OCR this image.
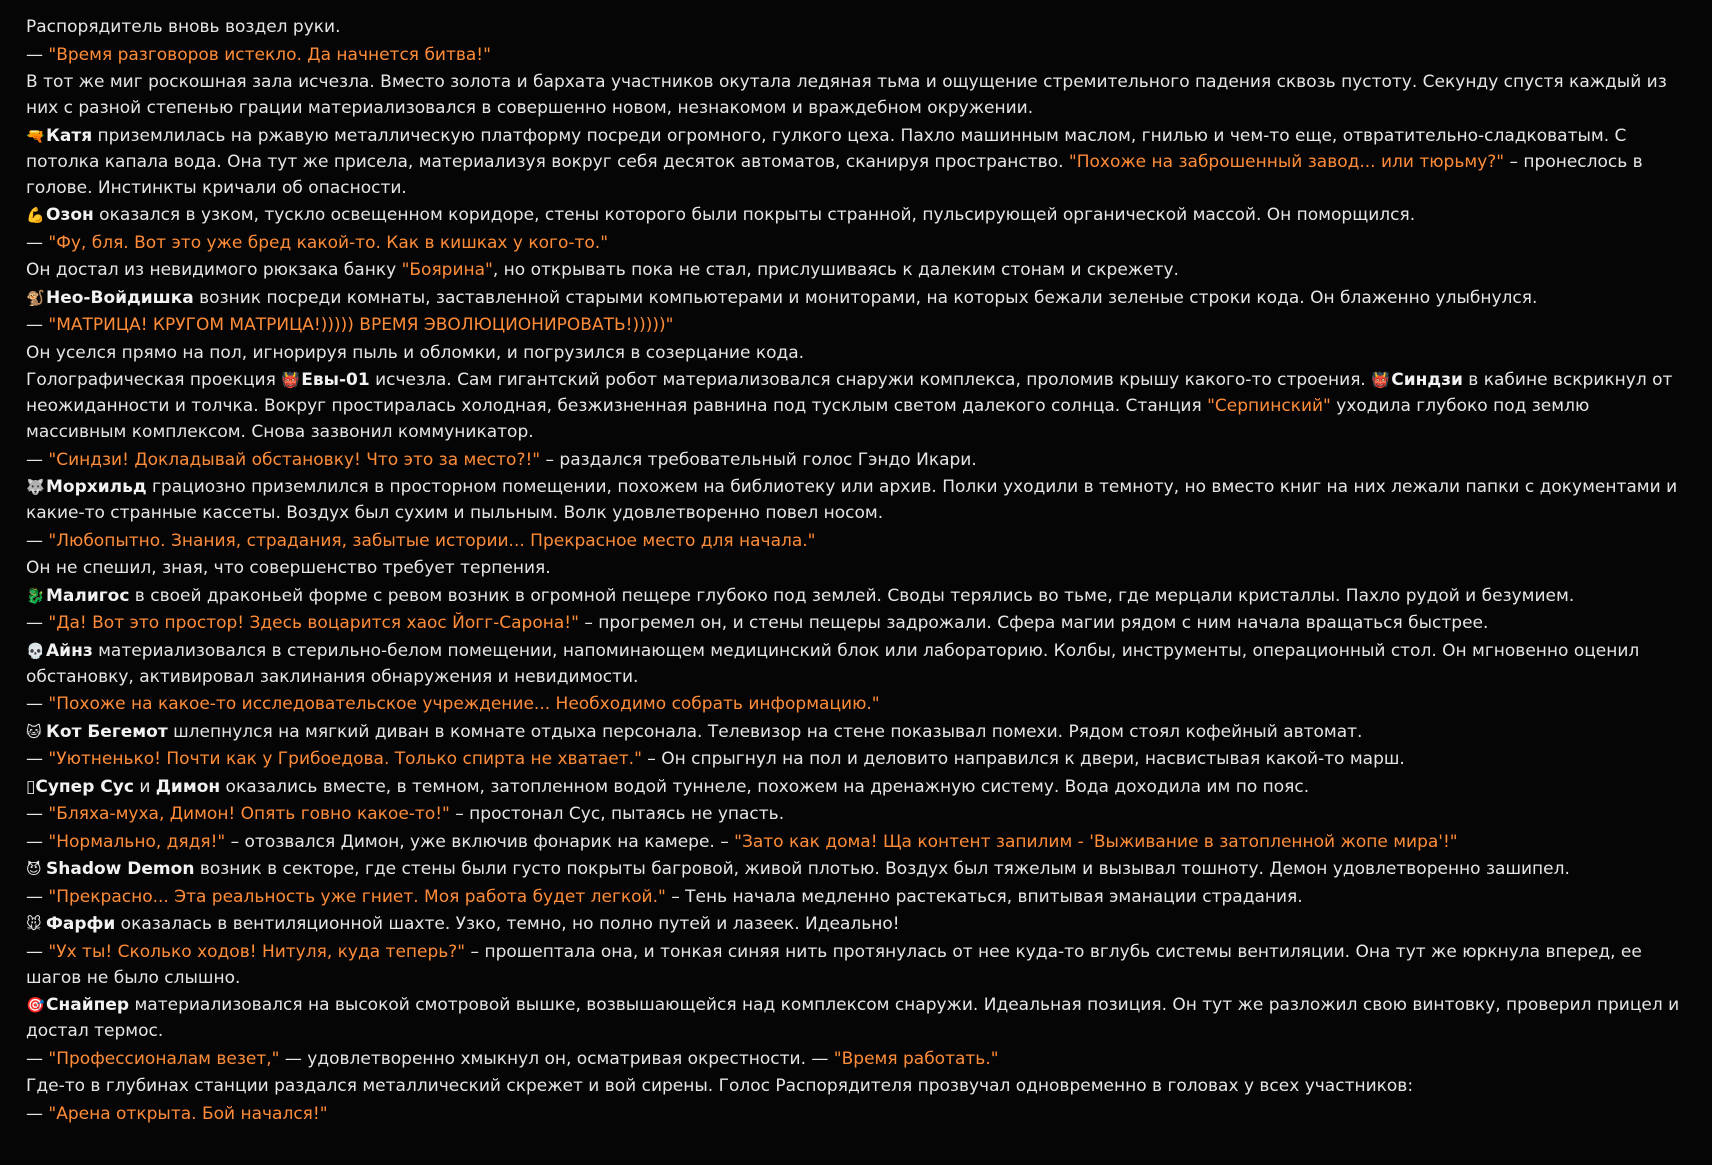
Распорядитель вновь воздел руки.

— "Время разговоров истекло. Да начнется битва!"

В тот же миг роскошная зала исчезла. Вместо золота и бархата участников окутала ледяная тьма и ощущение стремительного падения сквозь пустоту. Секунду спустя каждый из них с разной степенью грации материализовался в совершенно новом, незнакомом и враждебном окружении.

🔫Катя приземлилась на ржавую металлическую платформу посреди огромного, гулкого цеха. Пахло машинным маслом, гнилью и чем-то еще, отвратительно-сладковатым. С потолка капала вода. Она тут же присела, материализуя вокруг себя десяток автоматов, сканируя пространство. "Похоже на заброшенный завод... или тюрьму?" – пронеслось в голове. Инстинкты кричали об опасности.

💪Озон оказался в узком, тускло освещенном коридоре, стены которого были покрыты странной, пульсирующей органической массой. Он поморщился.

— "Фу, бля. Вот это уже бред какой-то. Как в кишках у кого-то."

Он достал из невидимого рюкзака банку "Боярина", но открывать пока не стал, прислушиваясь к далеким стонам и скрежету.

🐒Нео-Войдишка возник посреди комнаты, заставленной старыми компьютерами и мониторами, на которых бежали зеленые строки кода. Он блаженно улыбнулся.

— "МАТРИЦА! КРУГОМ МАТРИЦА!))))) ВРЕМЯ ЭВОЛЮЦИОНИРОВАТЬ!)))))"

Он уселся прямо на пол, игнорируя пыль и обломки, и погрузился в созерцание кода.

Голографическая проекция 👹Евы-01 исчезла. Сам гигантский робот материализовался снаружи комплекса, проломив крышу какого-то строения. 👹Синдзи в кабине вскрикнул от неожиданности и толчка. Вокруг простиралась холодная, безжизненная равнина под тусклым светом далекого солнца. Станция "Серпинский" уходила глубоко под землю массивным комплексом. Снова зазвонил коммуникатор.

— "Синдзи! Докладывай обстановку! Что это за место?!" – раздался требовательный голос Гэндо Икари.

🐺Морхильд грациозно приземлился в просторном помещении, похожем на библиотеку или архив. Полки уходили в темноту, но вместо книг на них лежали папки с документами и какие-то странные кассеты. Воздух был сухим и пыльным. Волк удовлетворенно повел носом.

— "Любопытно. Знания, страдания, забытые истории... Прекрасное место для начала."

Он не спешил, зная, что совершенство требует терпения.

🐉Малигос в своей драконьей форме с ревом возник в огромной пещере глубоко под землей. Своды терялись во тьме, где мерцали кристаллы. Пахло рудой и безумием.

— "Да! Вот это простор! Здесь воцарится хаос Йогг-Сарона!" – прогремел он, и стены пещеры задрожали. Сфера магии рядом с ним начала вращаться быстрее.

💀Айнз материализовался в стерильно-белом помещении, напоминающем медицинский блок или лабораторию. Колбы, инструменты, операционный стол. Он мгновенно оценил обстановку, активировал заклинания обнаружения и невидимости.

— "Похоже на какое-то исследовательское учреждение... Необходимо собрать информацию."

🐱 Кот Бегемот шлепнулся на мягкий диван в комнате отдыха персонала. Телевизор на стене показывал помехи. Рядом стоял кофейный автомат.

— "Уютненько! Почти как у Грибоедова. Только спирта не хватает." – Он спрыгнул на пол и деловито направился к двери, насвистывая какой-то марш.

▯Супер Сус и Димон оказались вместе, в темном, затопленном водой туннеле, похожем на дренажную систему. Вода доходила им по пояс.

— "Бляха-муха, Димон! Опять говно какое-то!" – простонал Сус, пытаясь не упасть.

— "Нормально, дядя!" – отозвался Димон, уже включив фонарик на камере. – "Зато как дома! Ща контент запилим - 'Выживание в затопленной жопе мира'!"

😈 Shadow Demon возник в секторе, где стены были густо покрыты багровой, живой плотью. Воздух был тяжелым и вызывал тошноту. Демон удовлетворенно зашипел.

— "Прекрасно... Эта реальность уже гниет. Моя работа будет легкой." – Тень начала медленно растекаться, впитывая эманации страдания.

🐭 Фарфи оказалась в вентиляционной шахте. Узко, темно, но полно путей и лазеек. Идеально!

— "Ух ты! Сколько ходов! Нитуля, куда теперь?" – прошептала она, и тонкая синяя нить протянулась от нее куда-то вглубь системы вентиляции. Она тут же юркнула вперед, ее шагов не было слышно.

🎯Снайпер материализовался на высокой смотровой вышке, возвышающейся над комплексом снаружи. Идеальная позиция. Он тут же разложил свою винтовку, проверил прицел и достал термос.

— "Профессионалам везет," — удовлетворенно хмыкнул он, осматривая окрестности. — "Время работать."

Где-то в глубинах станции раздался металлический скрежет и вой сирены. Голос Распорядителя прозвучал одновременно в головах у всех участников:

— "Арена открыта. Бой начался!"
